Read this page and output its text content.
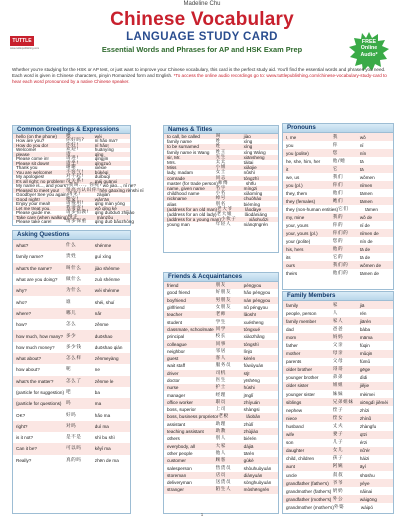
Madeline Chu
Chinese Vocabulary
LANGUAGE STUDY CARD
Essential Words and Phrases for AP and HSK Exam Prep
TUTTLE
www.tuttlepublishing.com
FREE
Online
Audio*
Whether you're studying for the HSK or AP test, or just want to improve your Chinese vocabulary, this card is the perfect study aid. You'll find the essential words and phrases you need. Each word is given in Chinese characters, pinyin Romanized form and English. *To access the online audio recordings go to: www.tuttlepublishing.com/chinese-vocabulary-study-card to hear each word pronounced by a native Chinese speaker.
Common Greetings & Expressions
hello (on the phone)	喂	wéi
How are you?	你好吗?	nǐ hǎo ma?
How do you do!	你好!	nǐ hǎo!
Welcome!	欢迎!	huānyíng
please	请	qǐng
Please come in!	请进!	qǐngjìn
Please sit down!	请坐!	qǐngzuò
Thank you	谢谢	xièxie
You are welcome!	不客气!	búkèqi
My apologies!	对不起!	duìbuqǐ
It's all right; no problem! 没关系!	méi guānxi
My name is..., and yours? 我叫..., 你呢? wǒ jiào..., nǐ ne?
Pleased to meet you!	很高兴认识你! hěn gāoxìng rènshi nǐ
Goodbye! See you again! 再见!	zàijiàn
Good night!	晚安!	wǎn'ān
Enjoy your meal!	请慢用!	qǐng màn yòng
Let me treat you.	我请客!	wǒ qǐng kè
Please guide me.	请多指教!	qǐng duōduō zhǐjiào
Take care (when walking) 慢走	mànzǒu
Please take care!	请多保重	qǐng duō bǎozhòng
Asking Questions
what?	什么	shénme
family name?	贵姓	guì xìng
what's the name?	叫什么	jiào shénme
what are you doing?	做什么	zuò shénme
why?	为什么	wèi shénme
who?	谁	shéi, shuí
where?	哪儿	nǎr
how?	怎么	zěnme
how much, how many? 多少	duōshao
how much money?	多少钱	duōshao qián
what about?	怎么样	zěnmeyàng
how about?	呢	ne
what's the matter?	怎么了	zěnme le
(particle for suggestion) 吧	ba
(particle for questions) 吗	ma
OK?	好吗	hǎo ma
right?	对吗	duì ma
is it not?	是不是	shì bu shì
Can it be?	可以吗	kěyǐ ma
Really?	真的吗	zhēn de ma
Names & Titles
to call, be called	叫	jiào
family name	姓	xìng
to be surnamed	姓	xìng
family name is Wang	姓王	xìng Wáng
sir, Mr.	先生	xiānsheng
Mrs.	太太	tàitai
Miss	小姐	xiǎojie
lady, madam	女士	nǚshì
comrade	同志	tóngzhì
master (for trade person) 师傅	shīfu
name, given name	名字	míngzi
childhood name	小名	xiǎomíng
nickname	绰号	chuòhào
alias	别名	biémíng
(address for an old man) 老大爷	lǎodàye
(address for an old lady) 老大娘	lǎodàniáng
(address for a young man) 小伙子	xiǎohuǒzi
young man	年轻人	niánqīngrén
Friends & Acquaintances
friend	朋友	péngyou
good friend	好朋友	hǎo péngyou
boyfriend	男朋友	nán péngyou
girlfriend	女朋友	nǚ péngyou
teacher	老师	lǎoshī
student	学生	xuésheng
classmate, schoolmate 同学	tóngxué
principal	校长	xiàozhǎng
colleague	同事	tóngshì
neighbor	邻居	línjū
guest	客人	kèrén
wait staff	服务员	fúwùyuán
driver	司机	sījī
doctor	医生	yīshēng
nurse	护士	hùshi
manager	经理	jīnglǐ
office worker	职员	zhíyuán
boss, superior	上司	shàngsi
boss, business proprietor 老板	lǎobǎn
assistant	助理	zhùlǐ
teaching assistant	助教	zhùjiào
others	别人	biérén
everybody, all	大家	dàjiā
other people	他人	tārén
customer	顾客	gùkè
salesperson	售货员	shòuhuòyuán
storeman	店员	diànyuán
deliveryman	送货员	sònghuòyuán
stranger	陌生人	mòshēngrén
Pronouns
I, me	我	wǒ
you	你	nǐ
you (polite)	您	nín
he, she, him, her	他/她	tā
it	它	tā
we, us	我们	wǒmen
you (pl.)	你们	nǐmen
they, them	他们	tāmen
they (females)	她们	tāmen
they (non-human entities) 它们	tāmen
my, mine	我的	wǒ de
your, yours	你的	nǐ de
your, yours (pl.)	你们的	nǐmen de
your (polite)	您的	nín de
his, hers	他的	tā de
its	它的	tā de
ours	我们的	wǒmen de
theirs	他们的	tāmen de
Family Members
family	家	jiā
people, person	人	rén
family member	家人	jiārén
dad	爸爸	bàba
mom	妈妈	māma
father	父亲	fùqin
mother	母亲	mǔqin
parents	父母	fùmǔ
older brother	哥哥	gēge
younger brother	弟弟	dìdi
older sister	姐姐	jiějie
younger sister	妹妹	mèimei
siblings	兄弟姐妹	xiōngdì jiěmèi
nephew	侄子	zhízi
niece	侄女	zhínǚ
husband	丈夫	zhàngfu
wife	妻子	qīzi
son	儿子	érzi
daughter	女儿	nǚ'ér
child, children	孩子	háizi
aunt	阿姨	āyí
uncle	叔叔	shūshu
grandfather (father's) 爷爷	yéye
grandmother (father's) 奶奶	nǎinai
grandfather (mother's) 外公	wàigōng
grandmother (mother's) 外婆	wàipó
1
